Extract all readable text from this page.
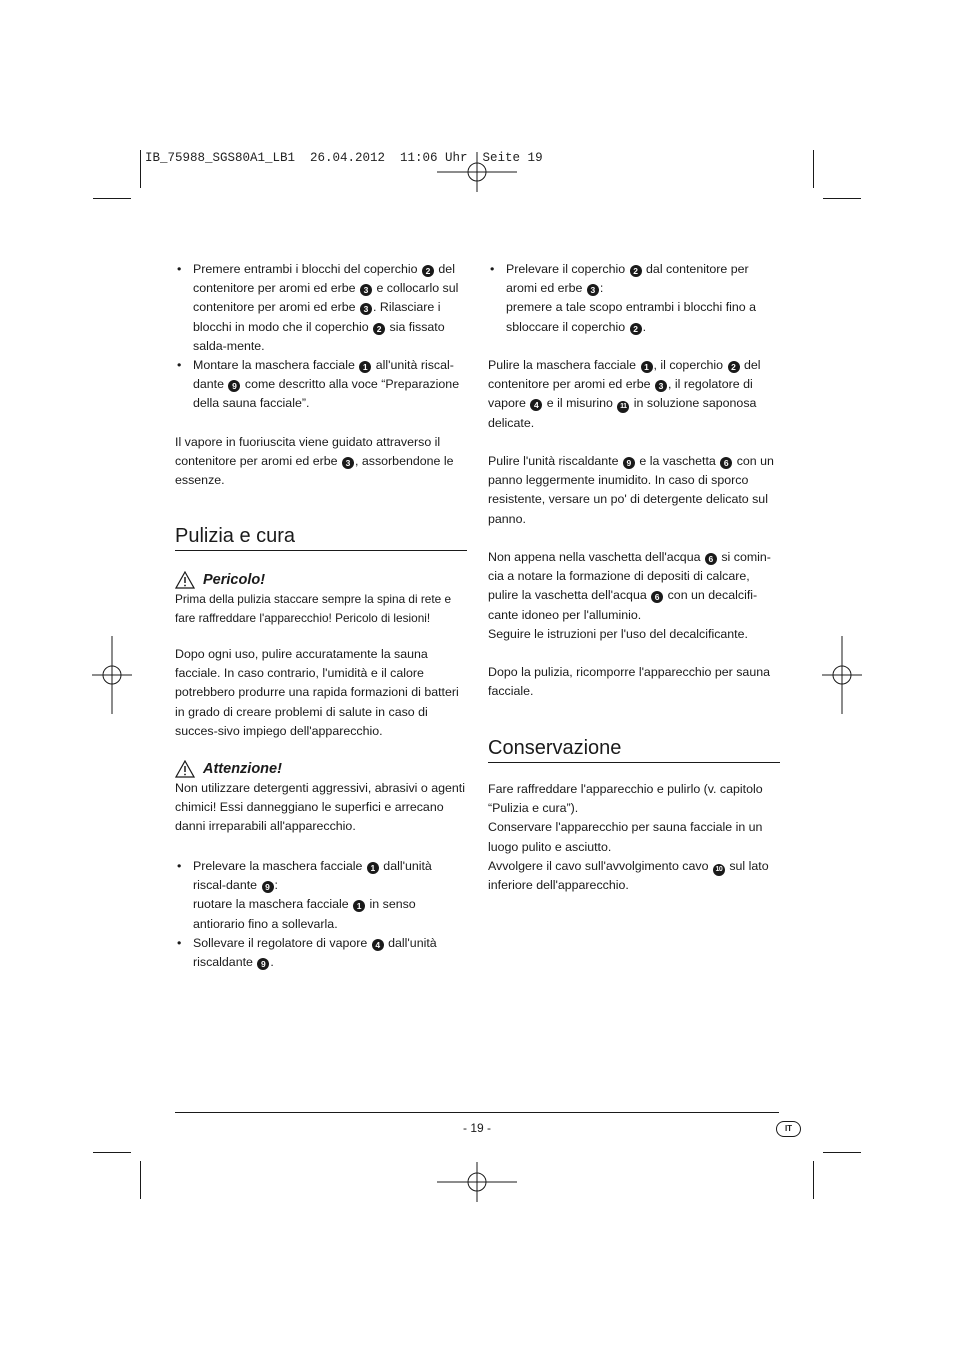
IB_75988_SGS80A1_LB1  26.04.2012  11:06 Uhr  Seite 19

• Premere entrambi i blocchi del coperchio 2 del contenitore per aromi ed erbe 3 e collocarlo sul contenitore per aromi ed erbe 3 . Rilasciare i blocchi in modo che il coperchio 2 sia fissato salda-mente.

• Montare la maschera facciale 1 all'unità riscal-dante 9 come descritto alla voce “Preparazione della sauna facciale”.

Il vapore in fuoriuscita viene guidato attraverso il contenitore per aromi ed erbe 3 , assorbendone le essenze.

Pulizia e cura
Pericolo!

Prima della pulizia staccare sempre la spina di rete e fare raffreddare l'apparecchio! Pericolo di lesioni!

Dopo ogni uso, pulire accuratamente la sauna facciale. In caso contrario, l'umidità e il calore potrebbero produrre una rapida formazioni di batteri in grado di creare problemi di salute in caso di succes-sivo impiego dell'apparecchio.

Attenzione!

Non utilizzare detergenti aggressivi, abrasivi o agenti chimici! Essi danneggiano le superfici e arrecano danni irreparabili all'apparecchio.

• Prelevare la maschera facciale 1 dall'unità riscal-dante 9 :
ruotare la maschera facciale 1 in senso antiorario fino a sollevarla.

• Sollevare il regolatore di vapore 4 dall'unità riscaldante 9 .

• Prelevare il coperchio 2 dal contenitore per aromi ed erbe 3 :
premere a tale scopo entrambi i blocchi fino a sbloccare il coperchio 2 .

Pulire la maschera facciale 1 , il coperchio 2 del contenitore per aromi ed erbe 3 , il regolatore di vapore 4 e il misurino 11 in soluzione saponosa delicate.

Pulire l'unità riscaldante 9 e la vaschetta 6 con un panno leggermente inumidito. In caso di sporco resistente, versare un po' di detergente delicato sul panno.

Non appena nella vaschetta dell'acqua 6 si comin-cia a notare la formazione di depositi di calcare, pulire la vaschetta dell'acqua 6 con un decalcifi-cante idoneo per l'alluminio.
Seguire le istruzioni per l'uso del decalcificante.

Dopo la pulizia, ricomporre l'apparecchio per sauna facciale.

Conservazione

Fare raffreddare l'apparecchio e pulirlo (v. capitolo “Pulizia e cura”).

Conservare l'apparecchio per sauna facciale in un luogo pulito e asciutto.

Avvolgere il cavo sull'avvolgimento cavo 10 sul lato inferiore dell'apparecchio.

- 19 -	IT
